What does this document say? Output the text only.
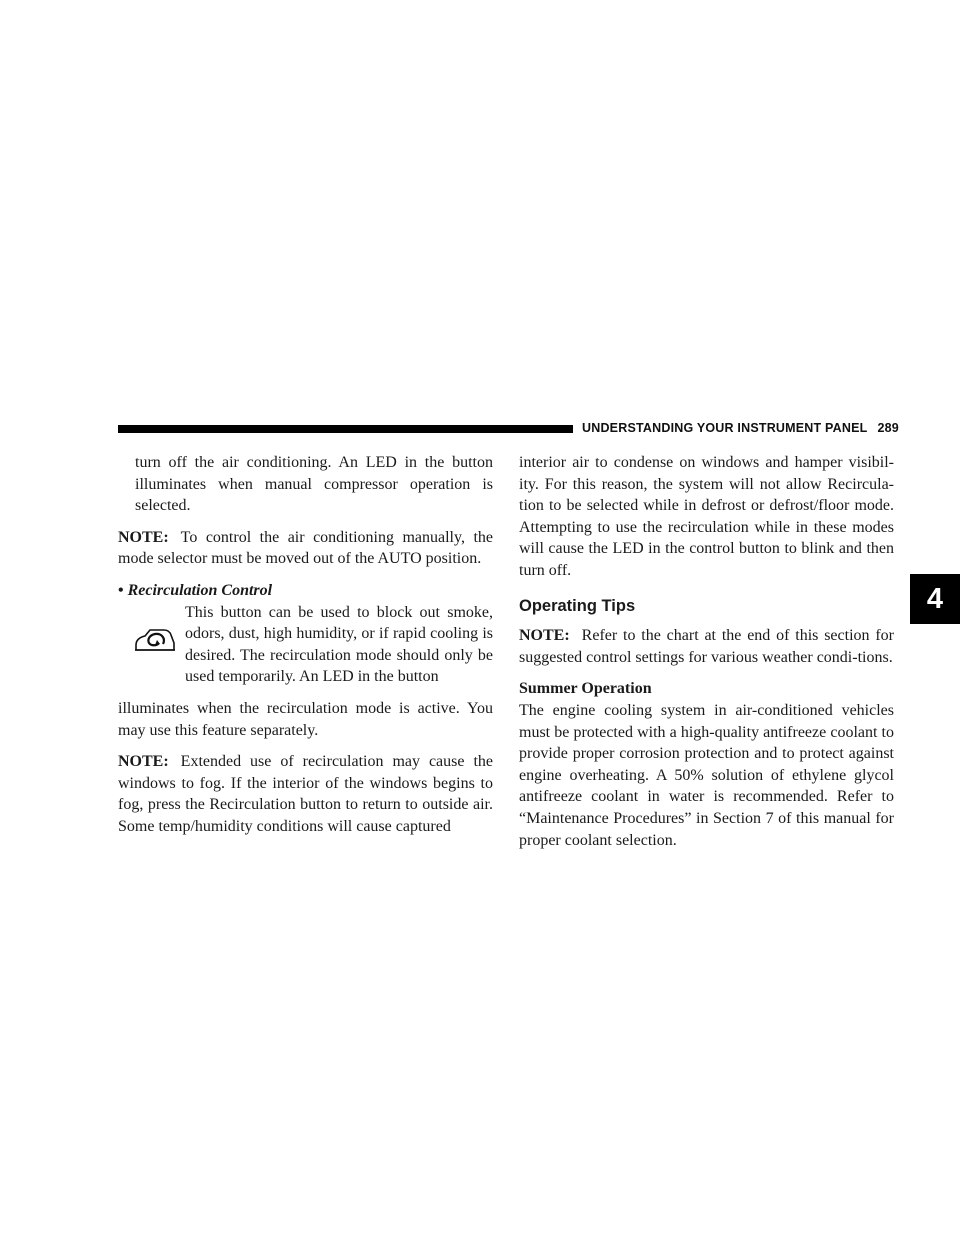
UNDERSTANDING YOUR INSTRUMENT PANEL 289
4

turn off the air conditioning. An LED in the button illuminates when manual compressor operation is selected.

NOTE: To control the air conditioning manually, the mode selector must be moved out of the AUTO position.

• Recirculation Control

This button can be used to block out smoke, odors, dust, high humidity, or if rapid cooling is desired. The recirculation mode should only be used temporarily. An LED in the button

illuminates when the recirculation mode is active. You may use this feature separately.

NOTE: Extended use of recirculation may cause the windows to fog. If the interior of the windows begins to fog, press the Recirculation button to return to outside air. Some temp/humidity conditions will cause captured

interior air to condense on windows and hamper visibil-ity. For this reason, the system will not allow Recircula-tion to be selected while in defrost or defrost/floor mode. Attempting to use the recirculation while in these modes will cause the LED in the control button to blink and then turn off.

Operating Tips

NOTE: Refer to the chart at the end of this section for suggested control settings for various weather condi-tions.

Summer Operation

The engine cooling system in air-conditioned vehicles must be protected with a high-quality antifreeze coolant to provide proper corrosion protection and to protect against engine overheating. A 50% solution of ethylene glycol antifreeze coolant in water is recommended. Refer to “Maintenance Procedures” in Section 7 of this manual for proper coolant selection.
